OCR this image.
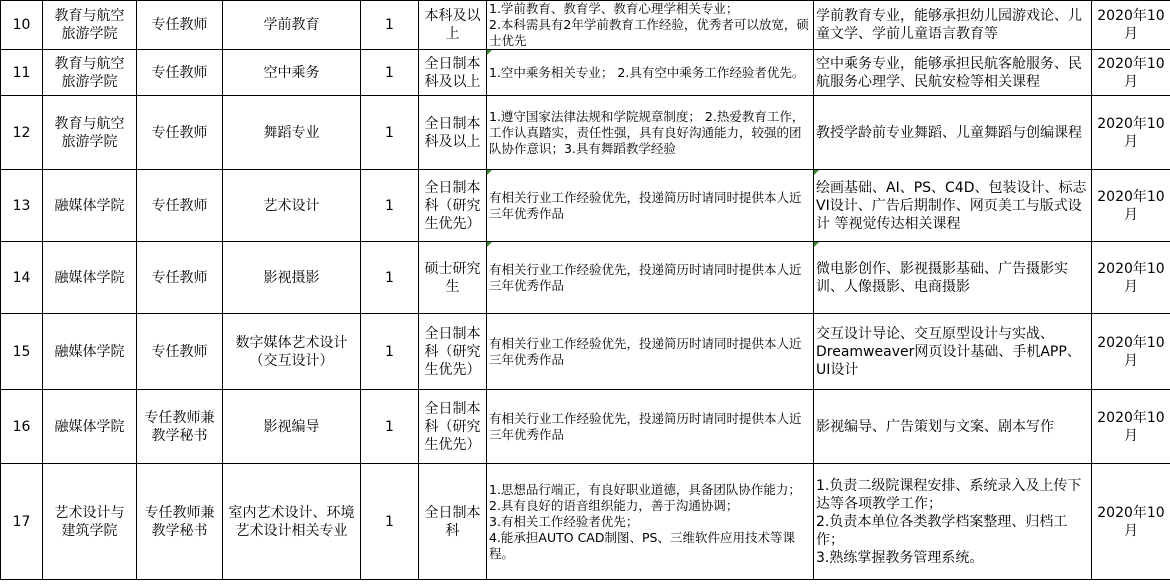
10	教育与航空
旅游学院	专任教师	学前教育	1	本科及以上	1.学前教育、教育学、教育心理学相关专业；
2.本科需具有2年学前教育工作经验，优秀者可以放宽，硕士优先	学前教育专业，能够承担幼儿园游戏论、儿童文学、学前儿童语言教育等	2020年10月
11	教育与航空
旅游学院	专任教师	空中乘务	1	全日制本科及以上	1.空中乘务相关专业； 2.具有空中乘务工作经验者优先。	空中乘务专业，能够承担民航客舱服务、民航服务心理学、民航安检等相关课程	2020年10月
12	教育与航空
旅游学院	专任教师	舞蹈专业	1	全日制本科及以上	1.遵守国家法律法规和学院规章制度； 2.热爱教育工作，工作认真踏实，责任性强，具有良好沟通能力，较强的团队协作意识；3.具有舞蹈教学经验	教授学龄前专业舞蹈、儿童舞蹈与创编课程	2020年10月
13	融媒体学院	专任教师	艺术设计	1	全日制本科（研究生优先）	有相关行业工作经验优先，投递简历时请同时提供本人近三年优秀作品	绘画基础、AI、PS、C4D、包装设计、标志VI设计、广告后期制作、网页美工与版式设计 等视觉传达相关课程	2020年10月
14	融媒体学院	专任教师	影视摄影	1	硕士研究生	有相关行业工作经验优先，投递简历时请同时提供本人近三年优秀作品	微电影创作、影视摄影基础、广告摄影实训、人像摄影、电商摄影	2020年10月
15	融媒体学院	专任教师	数字媒体艺术设计（交互设计）	1	全日制本科（研究生优先）	有相关行业工作经验优先，投递简历时请同时提供本人近三年优秀作品	交互设计导论、交互原型设计与实战、Dreamweaver网页设计基础、手机APP、UI设计	2020年10月
16	融媒体学院	专任教师兼
教学秘书	影视编导	1	全日制本科（研究生优先）	有相关行业工作经验优先，投递简历时请同时提供本人近三年优秀作品	影视编导、广告策划与文案、剧本写作	2020年10月
17	艺术设计与
建筑学院	专任教师兼
教学秘书	室内艺术设计、环境艺术设计相关专业	1	全日制本科	1.思想品行端正，有良好职业道德，具备团队协作能力；
2.具有良好的语音组织能力，善于沟通协调；
3.有相关工作经验者优先；
4.能承担AUTO CAD制图、PS、三维软件应用技术等课程。	1.负责二级院课程安排、系统录入及上传下达等各项教学工作；
2.负责本单位各类教学档案整理、归档工作；
3.熟练掌握教务管理系统。	2020年10月
